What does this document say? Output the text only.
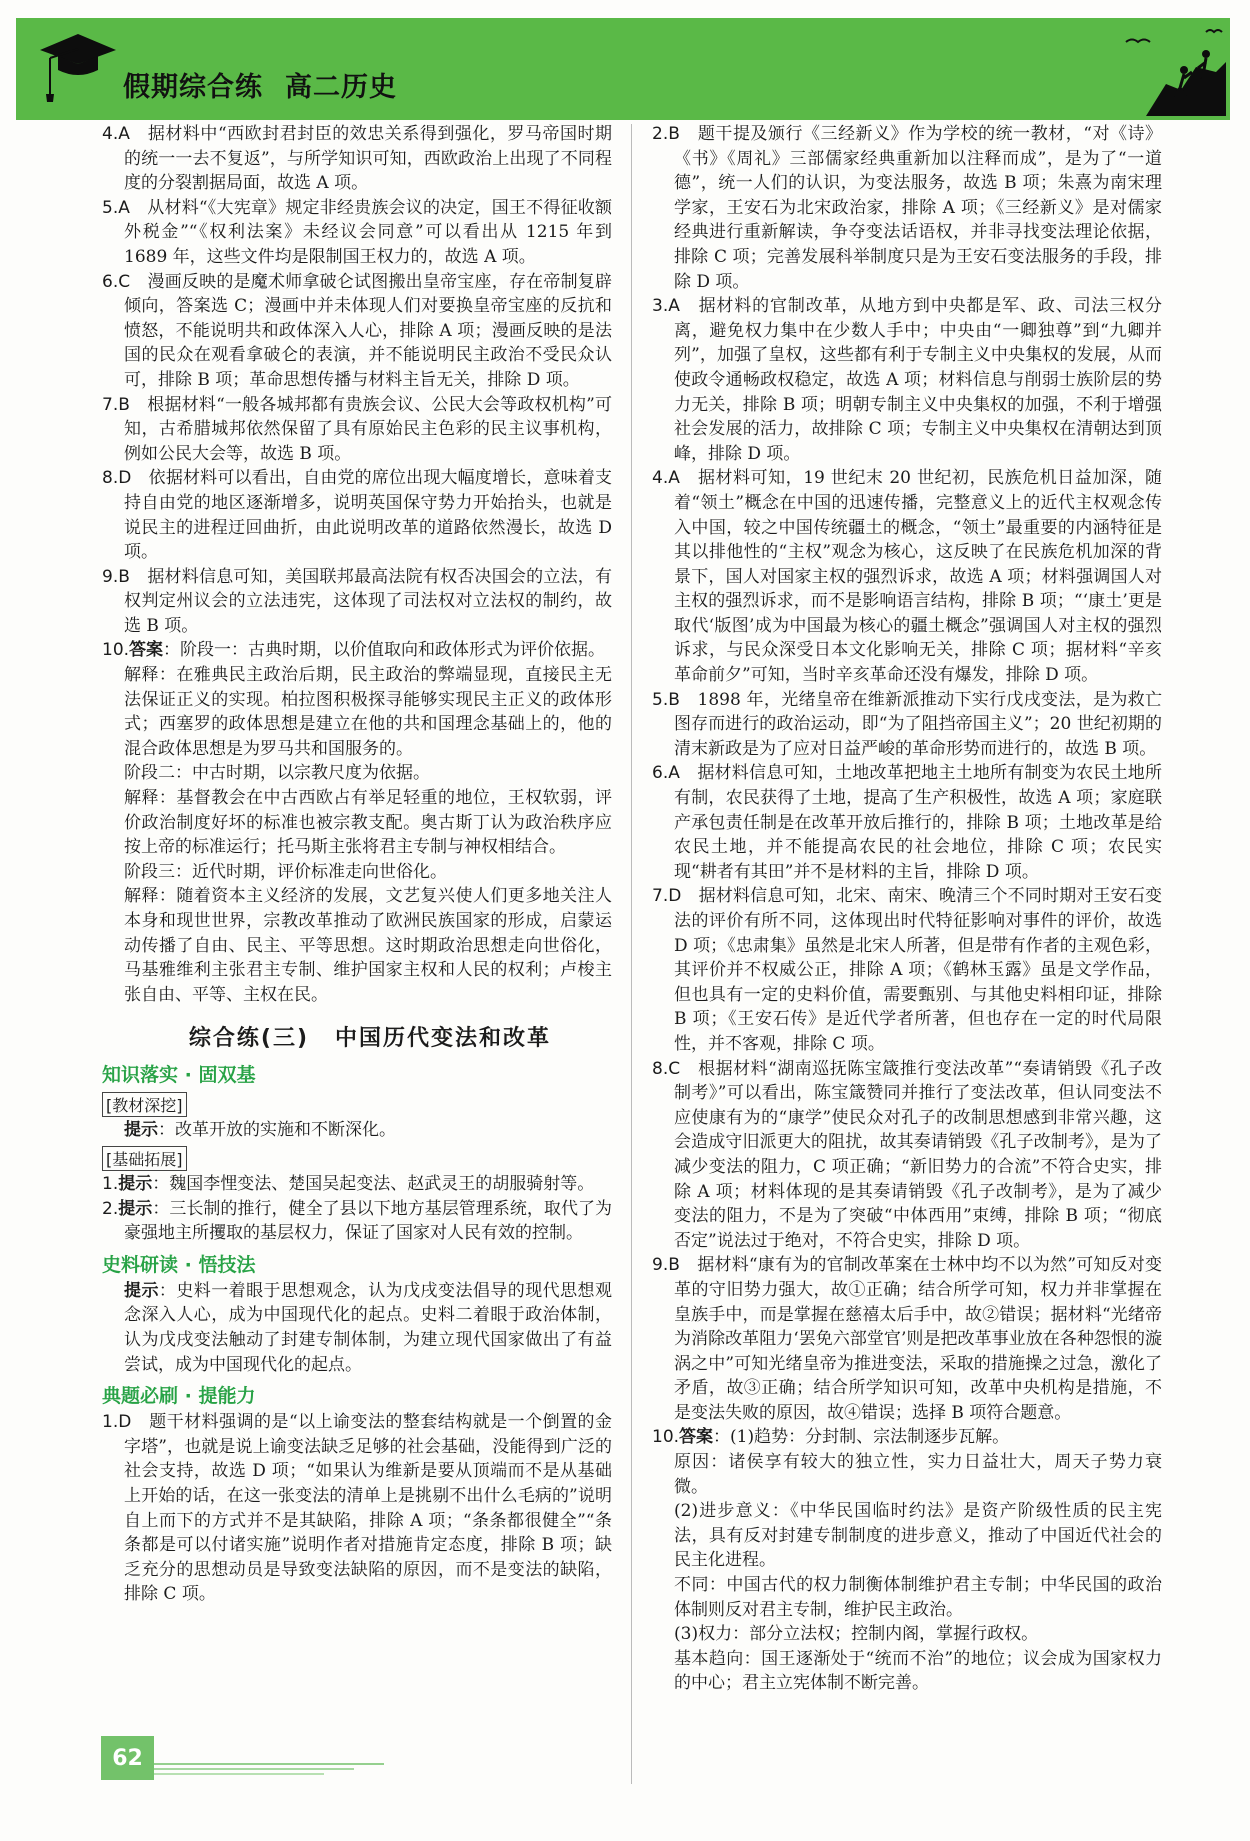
假期综合练 高二历史

4.A　 据材料中“西欧封君封臣的效忠关系得到强化，罗马帝国时期的统一一去不复返”，与所学知识可知，西欧政治上出现了不同程度的分裂割据局面，故选 A 项。

5.A　 从材料“《大宪章》规定非经贵族会议的决定，国王不得征收额外税金”“《权利法案》未经议会同意”可以看出从 1215 年到 1689 年，这些文件均是限制国王权力的，故选 A 项。

6.C　 漫画反映的是魔术师拿破仑试图搬出皇帝宝座，存在帝制复辟倾向，答案选 C；漫画中并未体现人们对要换皇帝宝座的反抗和愤怒，不能说明共和政体深入人心，排除 A 项；漫画反映的是法国的民众在观看拿破仑的表演，并不能说明民主政治不受民众认可，排除 B 项；革命思想传播与材料主旨无关，排除 D 项。

7.B　 根据材料“一般各城邦都有贵族会议、公民大会等政权机构”可知，古希腊城邦依然保留了具有原始民主色彩的民主议事机构，例如公民大会等，故选 B 项。

8.D　 依据材料可以看出，自由党的席位出现大幅度增长，意味着支持自由党的地区逐渐增多，说明英国保守势力开始抬头，也就是说民主的进程迂回曲折，由此说明改革的道路依然漫长，故选 D 项。

9.B　 据材料信息可知，美国联邦最高法院有权否决国会的立法，有权判定州议会的立法违宪，这体现了司法权对立法权的制约，故选 B 项。

10.答案：阶段一：古典时期，以价值取向和政体形式为评价依据。

解释：在雅典民主政治后期，民主政治的弊端显现，直接民主无法保证正义的实现。柏拉图积极探寻能够实现民主正义的政体形式；西塞罗的政体思想是建立在他的共和国理念基础上的，他的混合政体思想是为罗马共和国服务的。

阶段二：中古时期，以宗教尺度为依据。

解释：基督教会在中古西欧占有举足轻重的地位，王权软弱，评价政治制度好坏的标准也被宗教支配。奥古斯丁认为政治秩序应按上帝的标准运行；托马斯主张将君主专制与神权相结合。

阶段三：近代时期，评价标准走向世俗化。

解释：随着资本主义经济的发展，文艺复兴使人们更多地关注人本身和现世世界，宗教改革推动了欧洲民族国家的形成，启蒙运动传播了自由、民主、平等思想。这时期政治思想走向世俗化，马基雅维利主张君主专制、维护国家主权和人民的权利；卢梭主张自由、平等、主权在民。

综合练(三) 中国历代变法和改革
知识落实 · 固双基
[教材深挖]

提示：改革开放的实施和不断深化。

[基础拓展]

1.提示：魏国李悝变法、楚国吴起变法、赵武灵王的胡服骑射等。

2.提示：三长制的推行，健全了县以下地方基层管理系统，取代了为豪强地主所攫取的基层权力，保证了国家对人民有效的控制。

史料研读 · 悟技法

提示：史料一着眼于思想观念，认为戊戌变法倡导的现代思想观念深入人心，成为中国现代化的起点。史料二着眼于政治体制，认为戊戌变法触动了封建专制体制，为建立现代国家做出了有益尝试，成为中国现代化的起点。

典题必刷 · 提能力

1.D　 题干材料强调的是“以上谕变法的整套结构就是一个倒置的金字塔”，也就是说上谕变法缺乏足够的社会基础，没能得到广泛的社会支持，故选 D 项；“如果认为维新是要从顶端而不是从基础上开始的话，在这一张变法的清单上是挑剔不出什么毛病的”说明自上而下的方式并不是其缺陷，排除 A 项；“条条都很健全”“条条都是可以付诸实施”说明作者对措施肯定态度，排除 B 项；缺乏充分的思想动员是导致变法缺陷的原因，而不是变法的缺陷，排除 C 项。

2.B　 题干提及颁行《三经新义》作为学校的统一教材，“对《诗》《书》《周礼》三部儒家经典重新加以注释而成”，是为了“一道德”，统一人们的认识，为变法服务，故选 B 项；朱熹为南宋理学家，王安石为北宋政治家，排除 A 项；《三经新义》是对儒家经典进行重新解读，争夺变法话语权，并非寻找变法理论依据，排除 C 项；完善发展科举制度只是为王安石变法服务的手段，排除 D 项。

3.A　 据材料的官制改革，从地方到中央都是军、政、司法三权分离，避免权力集中在少数人手中；中央由“一卿独尊”到“九卿并列”，加强了皇权，这些都有利于专制主义中央集权的发展，从而使政令通畅政权稳定，故选 A 项；材料信息与削弱士族阶层的势力无关，排除 B 项；明朝专制主义中央集权的加强，不利于增强社会发展的活力，故排除 C 项；专制主义中央集权在清朝达到顶峰，排除 D 项。

4.A　 据材料可知，19 世纪末 20 世纪初，民族危机日益加深，随着“领土”概念在中国的迅速传播，完整意义上的近代主权观念传入中国，较之中国传统疆土的概念，“领土”最重要的内涵特征是其以排他性的“主权”观念为核心，这反映了在民族危机加深的背景下，国人对国家主权的强烈诉求，故选 A 项；材料强调国人对主权的强烈诉求，而不是影响语言结构，排除 B 项；“‘康土’更是取代‘版图’成为中国最为核心的疆土概念”强调国人对主权的强烈诉求，与民众深受日本文化影响无关，排除 C 项；据材料“辛亥革命前夕”可知，当时辛亥革命还没有爆发，排除 D 项。

5.B　 1898 年，光绪皇帝在维新派推动下实行戊戌变法，是为救亡图存而进行的政治运动，即“为了阻挡帝国主义”；20 世纪初期的清末新政是为了应对日益严峻的革命形势而进行的，故选 B 项。

6.A　 据材料信息可知，土地改革把地主土地所有制变为农民土地所有制，农民获得了土地，提高了生产积极性，故选 A 项；家庭联产承包责任制是在改革开放后推行的，排除 B 项；土地改革是给农民土地，并不能提高农民的社会地位，排除 C 项；农民实现“耕者有其田”并不是材料的主旨，排除 D 项。

7.D　 据材料信息可知，北宋、南宋、晚清三个不同时期对王安石变法的评价有所不同，这体现出时代特征影响对事件的评价，故选 D 项；《忠肃集》虽然是北宋人所著，但是带有作者的主观色彩，其评价并不权威公正，排除 A 项；《鹤林玉露》虽是文学作品，但也具有一定的史料价值，需要甄别、与其他史料相印证，排除 B 项；《王安石传》是近代学者所著，但也存在一定的时代局限性，并不客观，排除 C 项。

8.C　 根据材料“湖南巡抚陈宝箴推行变法改革”“奏请销毁《孔子改制考》”可以看出，陈宝箴赞同并推行了变法改革，但认同变法不应使康有为的“康学”使民众对孔子的改制思想感到非常兴趣，这会造成守旧派更大的阻扰，故其奏请销毁《孔子改制考》，是为了减少变法的阻力，C 项正确；“新旧势力的合流”不符合史实，排除 A 项；材料体现的是其奏请销毁《孔子改制考》，是为了减少变法的阻力，不是为了突破“中体西用”束缚，排除 B 项；“彻底否定”说法过于绝对，不符合史实，排除 D 项。

9.B　 据材料“康有为的官制改革案在士林中均不以为然”可知反对变革的守旧势力强大，故①正确；结合所学可知，权力并非掌握在皇族手中，而是掌握在慈禧太后手中，故②错误；据材料“光绪帝为消除改革阻力‘罢免六部堂官’则是把改革事业放在各种怨恨的漩涡之中”可知光绪皇帝为推进变法，采取的措施操之过急，激化了矛盾，故③正确；结合所学知识可知，改革中央机构是措施，不是变法失败的原因，故④错误；选择 B 项符合题意。

10.答案：(1)趋势：分封制、宗法制逐步瓦解。

原因：诸侯享有较大的独立性，实力日益壮大，周天子势力衰微。

(2)进步意义：《中华民国临时约法》是资产阶级性质的民主宪法，具有反对封建专制制度的进步意义，推动了中国近代社会的民主化进程。

不同：中国古代的权力制衡体制维护君主专制；中华民国的政治体制则反对君主专制，维护民主政治。

(3)权力：部分立法权；控制内阁，掌握行政权。

基本趋向：国王逐渐处于“统而不治”的地位；议会成为国家权力的中心；君主立宪体制不断完善。

62
